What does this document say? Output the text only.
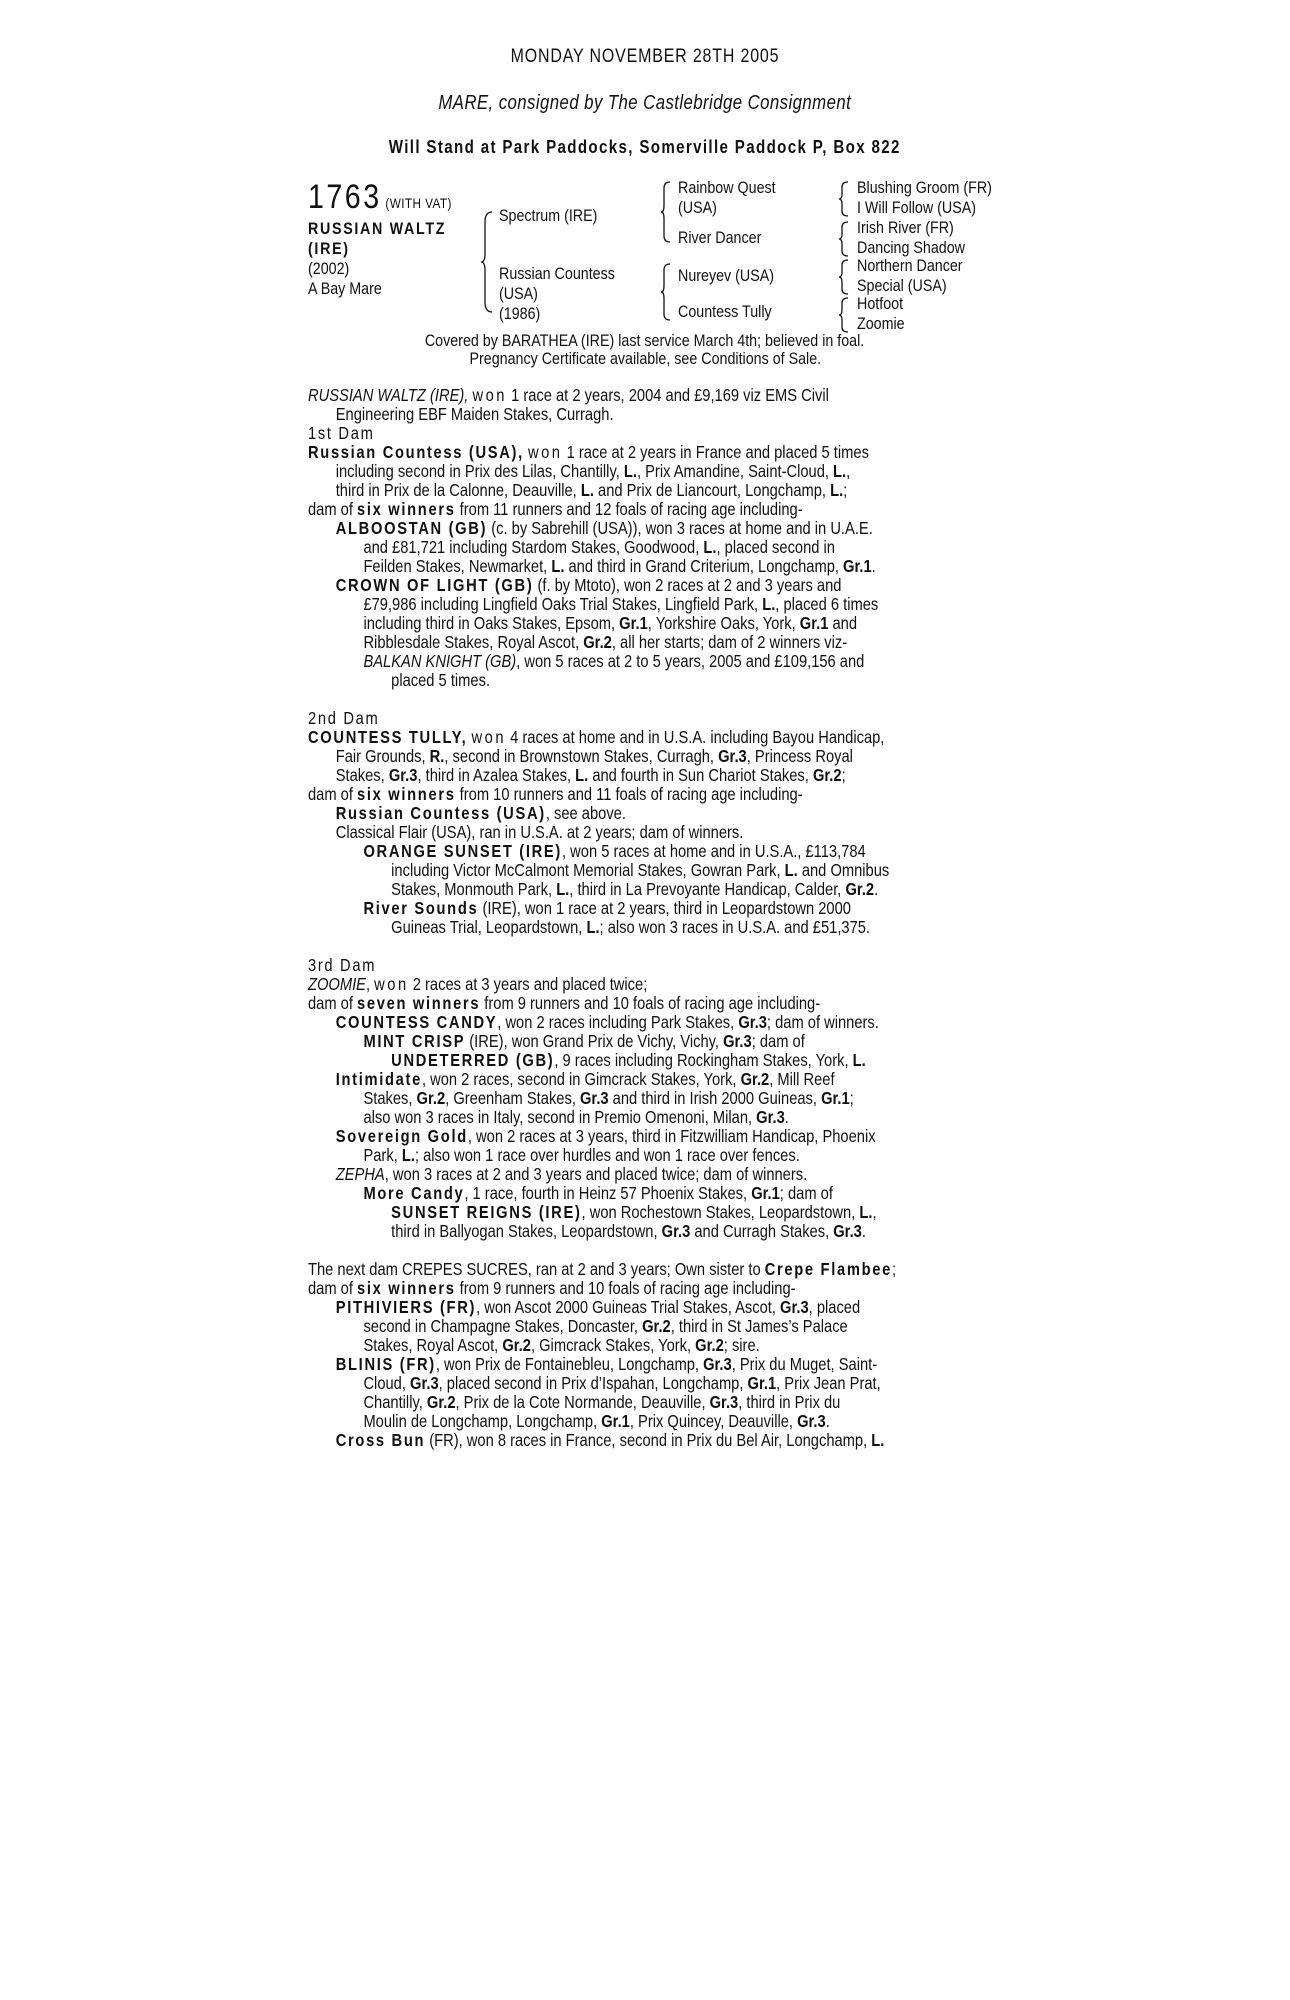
MONDAY NOVEMBER 28TH 2005
MARE, consigned by The Castlebridge Consignment
Will Stand at Park Paddocks, Somerville Paddock P, Box 822
1763 (WITH VAT)
RUSSIAN WALTZ
(IRE)
(2002)
A Bay Mare
Spectrum (IRE)
Russian Countess
(USA)
(1986)
Rainbow Quest
(USA)
River Dancer
Nureyev (USA)
Countess Tully
Blushing Groom (FR)
I Will Follow (USA)
Irish River (FR)
Dancing Shadow
Northern Dancer
Special (USA)
Hotfoot
Zoomie
Covered by BARATHEA (IRE) last service March 4th; believed in foal.
Pregnancy Certificate available, see Conditions of Sale.
RUSSIAN WALTZ (IRE), won 1 race at 2 years, 2004 and £9,169 viz EMS Civil
Engineering EBF Maiden Stakes, Curragh.
1st Dam
Russian Countess (USA), won 1 race at 2 years in France and placed 5 times
including second in Prix des Lilas, Chantilly, L., Prix Amandine, Saint-Cloud, L.,
third in Prix de la Calonne, Deauville, L. and Prix de Liancourt, Longchamp, L.;
dam of six winners from 11 runners and 12 foals of racing age including-
ALBOOSTAN (GB) (c. by Sabrehill (USA)), won 3 races at home and in U.A.E.
and £81,721 including Stardom Stakes, Goodwood, L., placed second in
Feilden Stakes, Newmarket, L. and third in Grand Criterium, Longchamp, Gr.1.
CROWN OF LIGHT (GB) (f. by Mtoto), won 2 races at 2 and 3 years and
£79,986 including Lingfield Oaks Trial Stakes, Lingfield Park, L., placed 6 times
including third in Oaks Stakes, Epsom, Gr.1, Yorkshire Oaks, York, Gr.1 and
Ribblesdale Stakes, Royal Ascot, Gr.2, all her starts; dam of 2 winners viz-
BALKAN KNIGHT (GB), won 5 races at 2 to 5 years, 2005 and £109,156 and
placed 5 times.
2nd Dam
COUNTESS TULLY, won 4 races at home and in U.S.A. including Bayou Handicap,
Fair Grounds, R., second in Brownstown Stakes, Curragh, Gr.3, Princess Royal
Stakes, Gr.3, third in Azalea Stakes, L. and fourth in Sun Chariot Stakes, Gr.2;
dam of six winners from 10 runners and 11 foals of racing age including-
Russian Countess (USA), see above.
Classical Flair (USA), ran in U.S.A. at 2 years; dam of winners.
ORANGE SUNSET (IRE), won 5 races at home and in U.S.A., £113,784
including Victor McCalmont Memorial Stakes, Gowran Park, L. and Omnibus
Stakes, Monmouth Park, L., third in La Prevoyante Handicap, Calder, Gr.2.
River Sounds (IRE), won 1 race at 2 years, third in Leopardstown 2000
Guineas Trial, Leopardstown, L.; also won 3 races in U.S.A. and £51,375.
3rd Dam
ZOOMIE, won 2 races at 3 years and placed twice;
dam of seven winners from 9 runners and 10 foals of racing age including-
COUNTESS CANDY, won 2 races including Park Stakes, Gr.3; dam of winners.
MINT CRISP (IRE), won Grand Prix de Vichy, Vichy, Gr.3; dam of
UNDETERRED (GB), 9 races including Rockingham Stakes, York, L.
Intimidate, won 2 races, second in Gimcrack Stakes, York, Gr.2, Mill Reef
Stakes, Gr.2, Greenham Stakes, Gr.3 and third in Irish 2000 Guineas, Gr.1;
also won 3 races in Italy, second in Premio Omenoni, Milan, Gr.3.
Sovereign Gold, won 2 races at 3 years, third in Fitzwilliam Handicap, Phoenix
Park, L.; also won 1 race over hurdles and won 1 race over fences.
ZEPHA, won 3 races at 2 and 3 years and placed twice; dam of winners.
More Candy, 1 race, fourth in Heinz 57 Phoenix Stakes, Gr.1; dam of
SUNSET REIGNS (IRE), won Rochestown Stakes, Leopardstown, L.,
third in Ballyogan Stakes, Leopardstown, Gr.3 and Curragh Stakes, Gr.3.
The next dam CREPES SUCRES, ran at 2 and 3 years; Own sister to Crepe Flambee;
dam of six winners from 9 runners and 10 foals of racing age including-
PITHIVIERS (FR), won Ascot 2000 Guineas Trial Stakes, Ascot, Gr.3, placed
second in Champagne Stakes, Doncaster, Gr.2, third in St James’s Palace
Stakes, Royal Ascot, Gr.2, Gimcrack Stakes, York, Gr.2; sire.
BLINIS (FR), won Prix de Fontainebleu, Longchamp, Gr.3, Prix du Muget, Saint-
Cloud, Gr.3, placed second in Prix d’Ispahan, Longchamp, Gr.1, Prix Jean Prat,
Chantilly, Gr.2, Prix de la Cote Normande, Deauville, Gr.3, third in Prix du
Moulin de Longchamp, Longchamp, Gr.1, Prix Quincey, Deauville, Gr.3.
Cross Bun (FR), won 8 races in France, second in Prix du Bel Air, Longchamp, L.
